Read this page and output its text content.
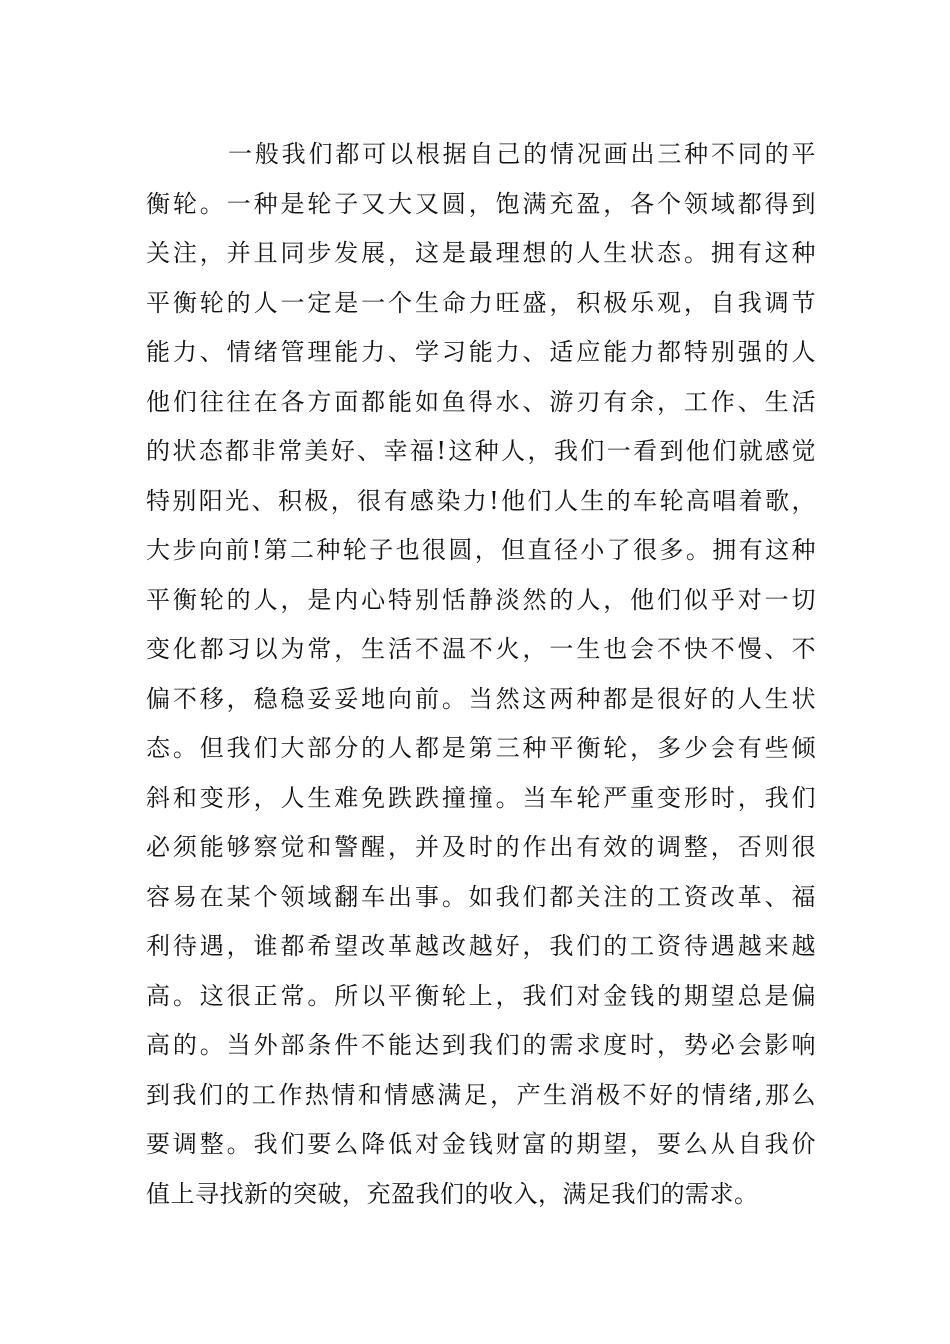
一般我们都可以根据自己的情况画出三种不同的平
衡轮。一种是轮子又大又圆，饱满充盈，各个领域都得到
关注，并且同步发展，这是最理想的人生状态。拥有这种
平衡轮的人一定是一个生命力旺盛，积极乐观，自我调节
能力、情绪管理能力、学习能力、适应能力都特别强的人
他们往往在各方面都能如鱼得水、游刃有余，工作、生活
的状态都非常美好、幸福!这种人，我们一看到他们就感觉
特别阳光、积极，很有感染力!他们人生的车轮高唱着歌，
大步向前!第二种轮子也很圆，但直径小了很多。拥有这种
平衡轮的人，是内心特别恬静淡然的人，他们似乎对一切
变化都习以为常，生活不温不火，一生也会不快不慢、不
偏不移，稳稳妥妥地向前。当然这两种都是很好的人生状
态。但我们大部分的人都是第三种平衡轮，多少会有些倾
斜和变形，人生难免跌跌撞撞。当车轮严重变形时，我们
必须能够察觉和警醒，并及时的作出有效的调整，否则很
容易在某个领域翻车出事。如我们都关注的工资改革、福
利待遇，谁都希望改革越改越好，我们的工资待遇越来越
高。这很正常。所以平衡轮上，我们对金钱的期望总是偏
高的。当外部条件不能达到我们的需求度时，势必会影响
到我们的工作热情和情感满足，产生消极不好的情绪,那么
要调整。我们要么降低对金钱财富的期望，要么从自我价
值上寻找新的突破，充盈我们的收入，满足我们的需求。
